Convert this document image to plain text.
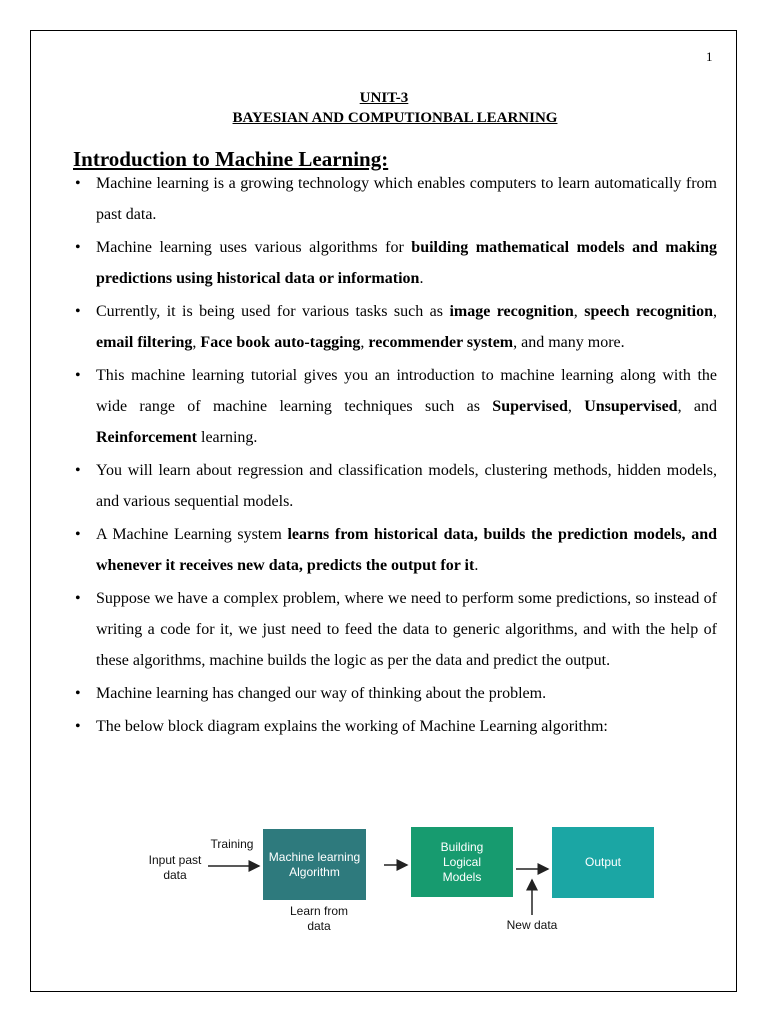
1
UNIT-3
BAYESIAN AND COMPUTIONBAL LEARNING
Introduction to Machine Learning:
• Machine learning is a growing technology which enables computers to learn automatically from past data.
• Machine learning uses various algorithms for building mathematical models and making predictions using historical data or information.
• Currently, it is being used for various tasks such as image recognition, speech recognition, email filtering, Face book auto-tagging, recommender system, and many more.
• This machine learning tutorial gives you an introduction to machine learning along with the wide range of machine learning techniques such as Supervised, Unsupervised, and Reinforcement learning.
• You will learn about regression and classification models, clustering methods, hidden models, and various sequential models.
• A Machine Learning system learns from historical data, builds the prediction models, and whenever it receives new data, predicts the output for it.
• Suppose we have a complex problem, where we need to perform some predictions, so instead of writing a code for it, we just need to feed the data to generic algorithms, and with the help of these algorithms, machine builds the logic as per the data and predict the output.
• Machine learning has changed our way of thinking about the problem.
• The below block diagram explains the working of Machine Learning algorithm:
Input past
data
Training
Machine learning
Algorithm
Building
Logical
Models
Output
Learn from
data	New data
